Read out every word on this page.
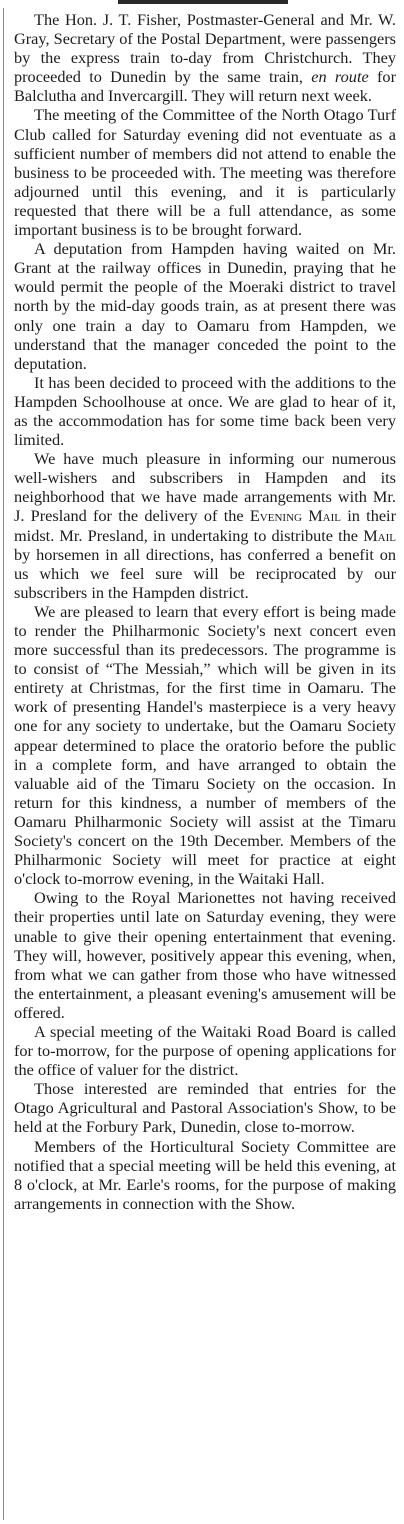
The Hon. J. T. Fisher, Postmaster-General and Mr. W. Gray, Secretary of the Postal Department, were passengers by the express train to-day from Christchurch. They proceeded to Dunedin by the same train, en route for Balclutha and Invercargill. They will return next week.

The meeting of the Committee of the North Otago Turf Club called for Saturday evening did not eventuate as a sufficient number of members did not attend to enable the business to be proceeded with. The meeting was therefore adjourned until this evening, and it is particularly requested that there will be a full attendance, as some important business is to be brought forward.

A deputation from Hampden having waited on Mr. Grant at the railway offices in Dunedin, praying that he would permit the people of the Moeraki district to travel north by the mid-day goods train, as at present there was only one train a day to Oamaru from Hampden, we understand that the manager conceded the point to the deputation.

It has been decided to proceed with the additions to the Hampden Schoolhouse at once. We are glad to hear of it, as the accommodation has for some time back been very limited.

We have much pleasure in informing our numerous well-wishers and subscribers in Hampden and its neighborhood that we have made arrangements with Mr. J. Presland for the delivery of the Evening Mail in their midst. Mr. Presland, in undertaking to distribute the Mail by horsemen in all directions, has conferred a benefit on us which we feel sure will be reciprocated by our subscribers in the Hampden district.

We are pleased to learn that every effort is being made to render the Philharmonic Society's next concert even more successful than its predecessors. The programme is to consist of “The Messiah,” which will be given in its entirety at Christmas, for the first time in Oamaru. The work of presenting Handel's masterpiece is a very heavy one for any society to undertake, but the Oamaru Society appear determined to place the oratorio before the public in a complete form, and have arranged to obtain the valuable aid of the Timaru Society on the occasion. In return for this kindness, a number of members of the Oamaru Philharmonic Society will assist at the Timaru Society's concert on the 19th December. Members of the Philharmonic Society will meet for practice at eight o'clock to-morrow evening, in the Waitaki Hall.

Owing to the Royal Marionettes not having received their properties until late on Saturday evening, they were unable to give their opening entertainment that evening. They will, however, positively appear this evening, when, from what we can gather from those who have witnessed the entertainment, a pleasant evening's amusement will be offered.

A special meeting of the Waitaki Road Board is called for to-morrow, for the purpose of opening applications for the office of valuer for the district.

Those interested are reminded that entries for the Otago Agricultural and Pastoral Association's Show, to be held at the Forbury Park, Dunedin, close to-morrow.

Members of the Horticultural Society Committee are notified that a special meeting will be held this evening, at 8 o'clock, at Mr. Earle's rooms, for the purpose of making arrangements in connection with the Show.
